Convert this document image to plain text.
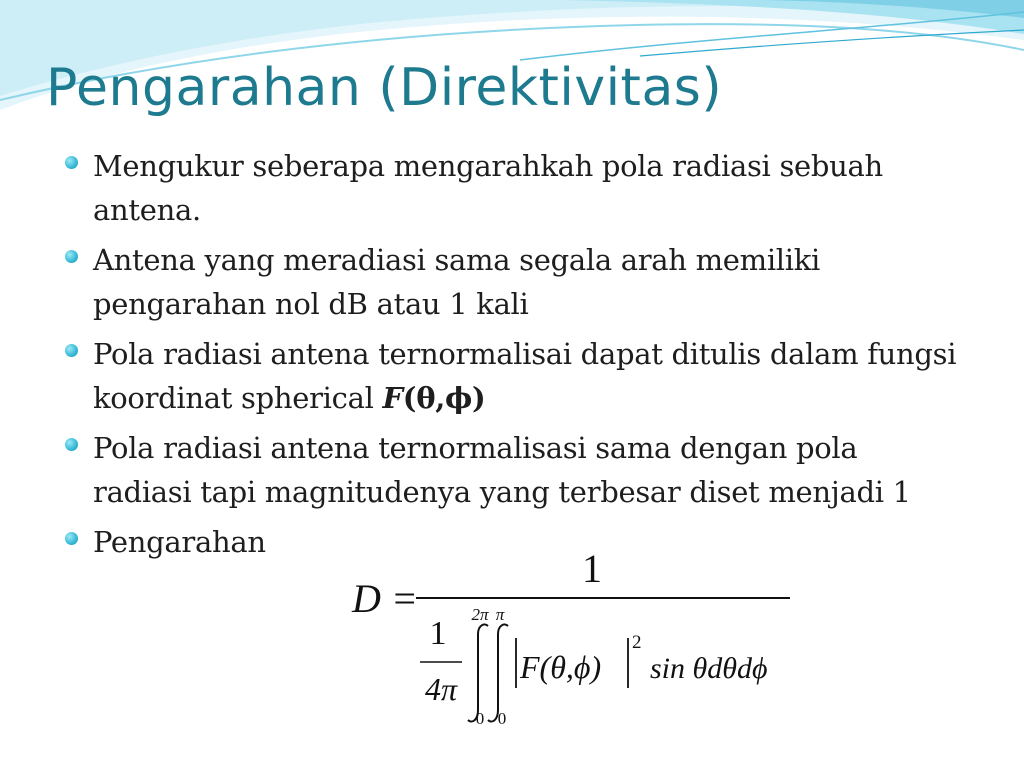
Pengarahan (Direktivitas)
Mengukur seberapa mengarahkah pola radiasi sebuah antena.
Antena yang meradiasi sama segala arah memiliki pengarahan nol dB atau 1 kali
Pola radiasi antena ternormalisai dapat ditulis dalam fungsi koordinat spherical F(θ,ϕ)
Pola radiasi antena ternormalisasi sama dengan pola radiasi tapi magnitudenya yang terbesar diset menjadi 1
Pengarahan
D =
1
1
4π
2π π
0 0
F(θ,ϕ)
2
sin θdθdϕ
